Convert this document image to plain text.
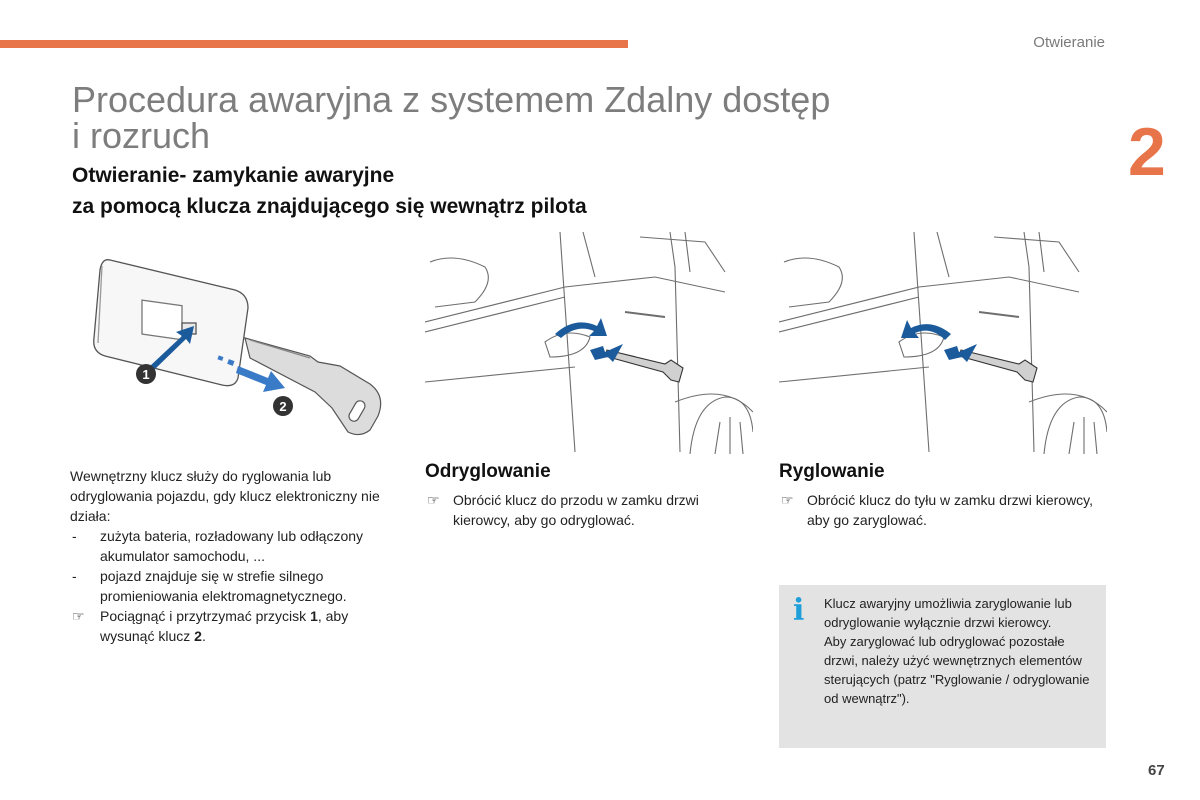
Otwieranie
2
Procedura awaryjna z systemem Zdalny dostęp
i rozruch
Otwieranie- zamykanie awaryjne
za pomocą klucza znajdującego się wewnątrz pilota
1
2

Wewnętrzny klucz służy do ryglowania lub odryglowania pojazdu, gdy klucz elektroniczny nie działa:

-	zużyta bateria, rozładowany lub odłączony akumulator samochodu, ...

-	pojazd znajduje się w strefie silnego promieniowania elektromagnetycznego.

☞	Pociągnąć i przytrzymać przycisk 1, aby wysunąć klucz 2.

Odryglowanie

☞ Obrócić klucz do przodu w zamku drzwi kierowcy, aby go odryglować.

Ryglowanie

☞ Obrócić klucz do tyłu w zamku drzwi kierowcy, aby go zaryglować.

i Klucz awaryjny umożliwia zaryglowanie lub odryglowanie wyłącznie drzwi kierowcy.

Aby zaryglować lub odryglować pozostałe drzwi, należy użyć wewnętrznych elementów sterujących (patrz "Ryglowanie / odryglowanie od wewnątrz").

67
